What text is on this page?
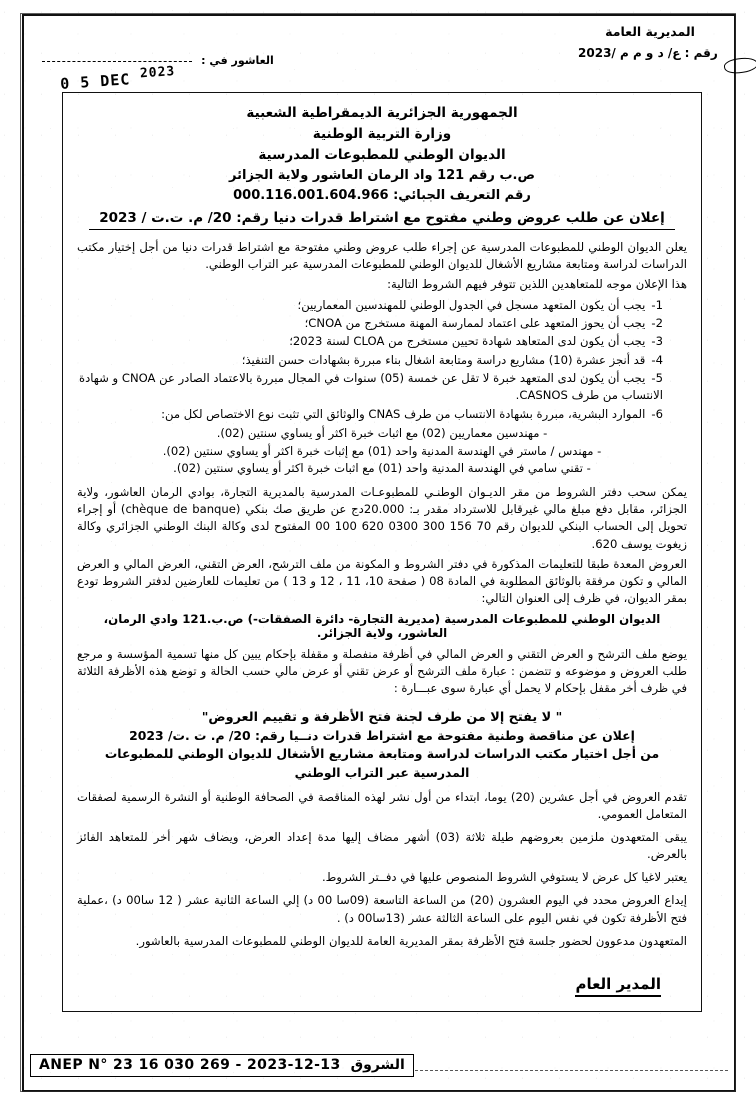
المديرية العامة
رقم : ع/ د و م م /2023
العاشور في :
0 5 DEC 2023
الجمهورية الجزائرية الديمقراطية الشعبية
وزارة التربية الوطنية
الديوان الوطني للمطبوعات المدرسية
ص.ب رقم 121 واد الرمان العاشور ولاية الجزائر
رقم التعريف الجبائي: 000.116.001.604.966
إعلان عن طلب عروض وطني مفتوح مع اشتراط قدرات دنيا رقم: 20/ م. ت.ت / 2023

يعلن الديوان الوطني للمطبوعات المدرسية عن إجراء طلب عروض وطني مفتوحة مع اشتراط قدرات دنيا من أجل إختيار مكتب الدراسات لدراسة ومتابعة مشاريع الأشغال للديوان الوطني للمطبوعات المدرسية عبر التراب الوطني.

هذا الإعلان موجه للمتعاهدين اللذين تتوفر فيهم الشروط التالية:

1- يجب أن يكون المتعهد مسجل في الجدول الوطني للمهندسين المعماريين؛
2- يجب أن يحوز المتعهد على اعتماد لممارسة المهنة مستخرج من CNOA؛
3- يجب أن يكون لدى المتعاهد شهادة تحيين مستخرج من CLOA لسنة 2023؛
4- قد أنجز عشرة (10) مشاريع دراسة ومتابعة اشغال بناء مبررة بشهادات حسن التنفيذ؛
5- يجب أن يكون لدى المتعهد خبرة لا تقل عن خمسة (05) سنوات في المجال مبررة بالاعتماد الصادر عن CNOA و شهادة الانتساب من طرف CASNOS.
6- الموارد البشرية، مبررة بشهادة الانتساب من طرف CNAS والوثائق التي تثبت نوع الاختصاص لكل من:
- مهندسين معماريين (02) مع اثبات خبرة اكثر أو يساوي سنتين (02).
- مهندس / ماستر في الهندسة المدنية واحد (01) مع إثبات خبرة اكثر أو يساوي سنتين (02).
- تقني سامي في الهندسة المدنية واحد (01) مع اثبات خبرة اكثر أو يساوي سنتين (02).

يمكن سحب دفتر الشروط من مقر الديـوان الوطنـي للمطبوعـات المدرسية بالمديرية التجارة، بوادي الرمان العاشور، ولاية الجزائر، مقابل دفع مبلغ مالي غيرقابل للاسترداد مقدر بـ: 20.000دج عن طريق صك بنكي (chèque de banque) أو إجراء تحويل إلى الحساب البنكي للديوان رقم 70 156 300 0300 620 100 00 المفتوح لدى وكالة البنك الوطني الجزائري وكالة زيغوت يوسف 620.

العروض المعدة طبقا للتعليمات المذكورة في دفتر الشروط و المكونة من ملف الترشح، العرض التقني، العرض المالي و العرض المالي و تكون مرفقة بالوثائق المطلوبة في المادة 08 ( صفحة 10، 11 ، 12 و 13 ) من تعليمات للعارضين لدفتر الشروط تودع بمقر الديوان، في ظرف إلى العنوان التالي:

الديوان الوطني للمطبوعات المدرسية (مديرية التجارة- دائرة الصفقات-) ص.ب.121 وادي الرمان، العاشور، ولاية الجزائر.

يوضع ملف الترشح و العرض التقني و العرض المالي في أظرفة منفصلة و مقفلة بإحكام يبين كل منها تسمية المؤسسة و مرجع طلب العروض و موضوعه و تتضمن : عبارة ملف الترشح أو عرض تقني أو عرض مالي حسب الحالة و توضع هذه الأظرفة الثلاثة في ظرف أخر مقفل بإحكام لا يحمل أي عبارة سوى عبـــارة :

" لا يفتح إلا من طرف لجنة فتح الأظرفة و تقييم العروض"
إعلان عن مناقصة وطنية مفتوحة مع اشتراط قدرات دنــيا رقم: 20/ م. ت .ت/ 2023
من أجل اختيار مكتب الدراسات لدراسة ومتابعة مشاريع الأشغال للديوان الوطني للمطبوعات المدرسية عبر التراب الوطني

تقدم العروض في أجل عشرين (20) يوما، ابتداء من أول نشر لهذه المناقصة في الصحافة الوطنية أو النشرة الرسمية لصفقات المتعامل العمومي.

يبقى المتعهدون ملزمين بعروضهم طيلة ثلاثة (03) أشهر مضاف إليها مدة إعداد العرض، ويضاف شهر أخر للمتعاهد الفائز بالعرض.

يعتبر لاغيا كل عرض لا يستوفي الشروط المنصوص عليها في دفــتر الشروط.

إيداع العروض محدد في اليوم العشرون (20) من الساعة التاسعة (09سا 00 د) إلي الساعة الثانية عشر ( 12 سا00 د) ،عملية فتح الأظرفة تكون في نفس اليوم على الساعة الثالثة عشر (13سا00 د) .

المتعهدون مدعوون لحضور جلسة فتح الأظرفة بمقر المديرية العامة للديوان الوطني للمطبوعات المدرسية بالعاشور.

المدير العام
ANEP N° 23 16 030 269 - 2023-12-13 الشروق
